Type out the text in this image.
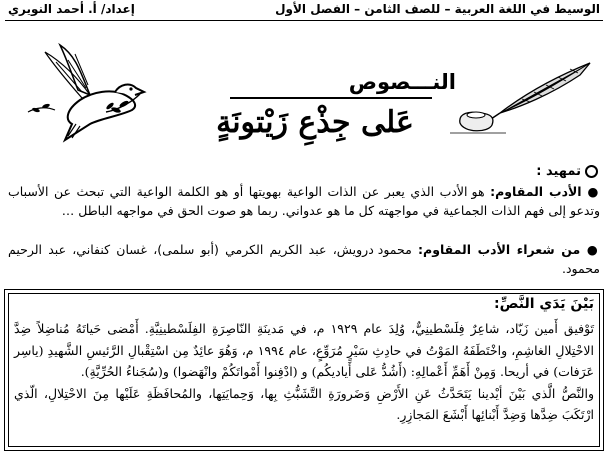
إعداد/ أ. أحمد النويري	الوسيط في اللغة العربية – للصف الثامن – الفصل الأول
النـــصوص
عَلى جِذْعِ زَيْتونَةٍ
تمهيد :
● الأدب المقاوم: هو الأدب الذي يعبر عن الذات الواعية بهويتها أو هو الكلمة الواعية التي تبحث عن الأسباب وتدعو إلى فهم الذات الجماعية في مواجهته كل ما هو عدواني. ربما هو صوت الحق في مواجهه الباطل …
● من شعراء الأدب المقاوم: محمود درويش، عبد الكريم الكرمي (أبو سلمى)، غسان كنفاني، عبد الرحيم محمود.
بَيْنَ يَدَي النَّصِّ:
تَوْفيق أَمين زَيّاد، شاعِرٌ فِلَسْطينِيٌّ، وُلِدَ عام ١٩٢٩ م، في مَدينَةِ النّاصِرَةِ الفِلَسْطينِيَّةِ. أَمْضى حَياتَهُ مُناضِلاً ضِدَّ الاحْتِلالِ الغاشِمِ، واخْتَطَفَهُ المَوْتُ في حادِثِ سَيْرٍ مُرَوِّعٍ، عام ١٩٩٤ م، وَهُوَ عائِدٌ مِن اسْتِقْبالِ الرَّئيسِ الشَّهيدِ (ياسِر عَرَفات) في أريحا. وَمِنْ أَهَمِّ أَعْمالِهِ: (أَشُدُّ عَلى أَياديكُم) و (ادْفِنوا أَمْواتَكُمْ وانْهَضوا) و(سُجَناءُ الحُرِّيَّةِ).
والنَّصُّ الَّذي بَيْنَ أيْدينا يَتَحَدَّثُ عَنِ الأَرْضِ وَضَرورَةِ التَّشَبُّثِ بِها، وَحِمايَتِها، والمُحافَظَةِ عَلَيْها مِنَ الاحْتِلالِ، الّذي ارْتَكَبَ ضِدَّها وَضِدَّ أَبْنائِها أَبْشَعَ المَجازِرِ.
